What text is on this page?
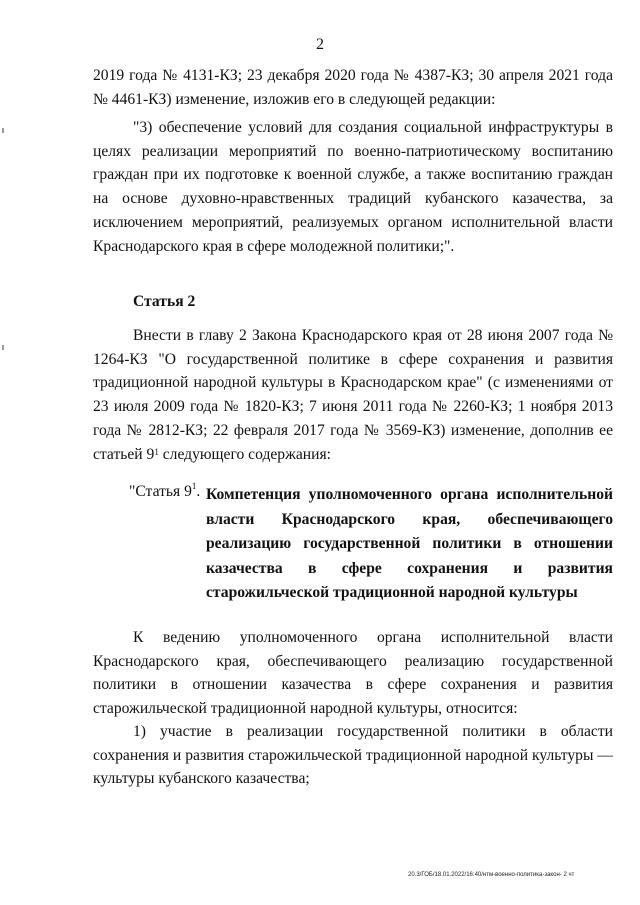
2

2019 года № 4131-КЗ; 23 декабря 2020 года № 4387-КЗ; 30 апреля 2021 года № 4461-КЗ) изменение, изложив его в следующей редакции:

"3) обеспечение условий для создания социальной инфраструктуры в целях реализации мероприятий по военно-патриотическому воспитанию граждан при их подготовке к военной службе, а также воспитанию граждан на основе духовно-нравственных традиций кубанского казачества, за исключением мероприятий, реализуемых органом исполнительной власти Краснодарского края в сфере молодежной политики;".

Статья 2

Внести в главу 2 Закона Краснодарского края от 28 июня 2007 года № 1264-КЗ "О государственной политике в сфере сохранения и развития традиционной народной культуры в Краснодарском крае" (с изменениями от 23 июля 2009 года № 1820-КЗ; 7 июня 2011 года № 2260-КЗ; 1 ноября 2013 года № 2812-КЗ; 22 февраля 2017 года № 3569-КЗ) изменение, дополнив ее статьей $9^1$ следующего содержания:

"Статья $9^1$. Компетенция уполномоченного органа исполнительной власти Краснодарского края, обеспечивающего реализацию государственной политики в отношении казачества в сфере сохранения и развития старожильческой традиционной народной культуры

К ведению уполномоченного органа исполнительной власти Краснодарского края, обеспечивающего реализацию государственной политики в отношении казачества в сфере сохранения и развития старожильческой традиционной народной культуры, относится:

1) участие в реализации государственной политики в области сохранения и развития старожильческой традиционной народной культуры — культуры кубанского казачества;

20.3/ГОБ/18.01.2022/16:40/нтм-военно-политика-закон- 2 чт
